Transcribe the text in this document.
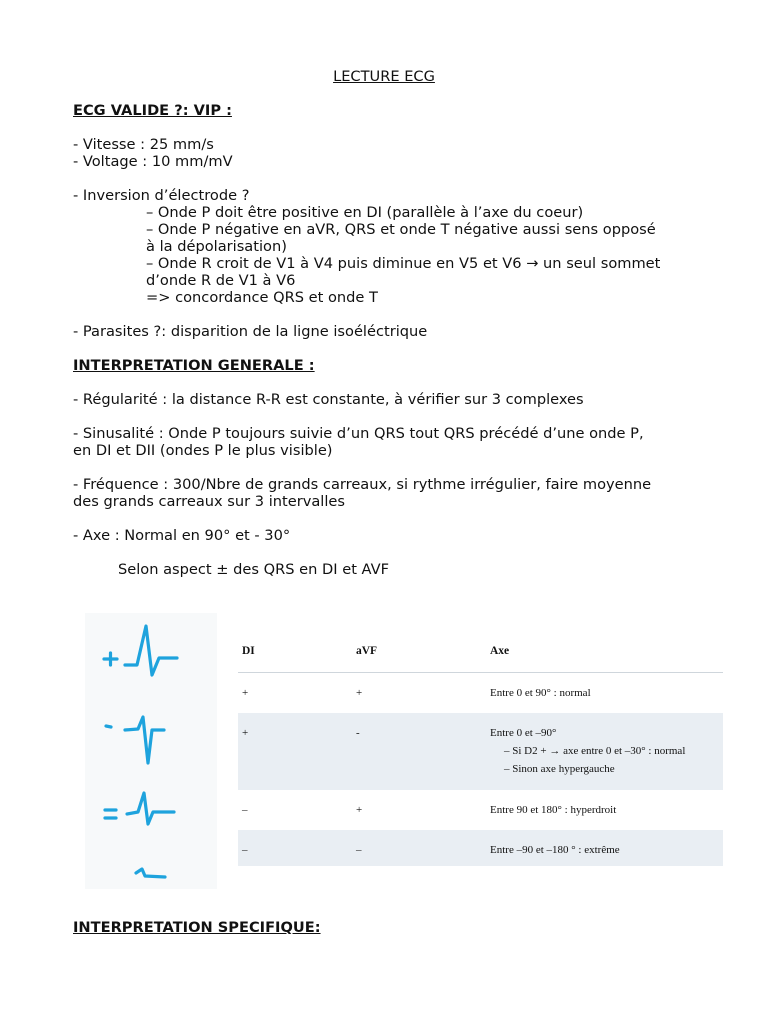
LECTURE ECG
ECG VALIDE ?: VIP :
- Vitesse : 25 mm/s
- Voltage : 10 mm/mV
- Inversion d’électrode ?
– Onde P doit être positive en DI (parallèle à l’axe du coeur)
– Onde P négative en aVR, QRS et onde T négative aussi sens opposé
à la dépolarisation)
– Onde R croit de V1 à V4 puis diminue en V5 et V6 → un seul sommet
d’onde R de V1 à V6
=> concordance QRS et onde T
- Parasites ?: disparition de la ligne isoéléctrique
INTERPRETATION GENERALE :
- Régularité : la distance R-R est constante, à vérifier sur 3 complexes
- Sinusalité : Onde P toujours suivie d’un QRS tout QRS précédé d’une onde P,
en DI et DII (ondes P le plus visible)
- Fréquence : 300/Nbre de grands carreaux, si rythme irrégulier, faire moyenne
des grands carreaux sur 3 intervalles
- Axe : Normal en 90° et - 30°
Selon aspect ± des QRS en DI et AVF
DI	aVF	Axe
+	+	Entre 0 et 90° : normal
+	-	Entre 0 et –90°
– Si D2 + → axe entre 0 et –30° : normal
– Sinon axe hypergauche
–	+	Entre 90 et 180° : hyperdroit
–	–	Entre –90 et –180 ° : extrême
INTERPRETATION SPECIFIQUE:
